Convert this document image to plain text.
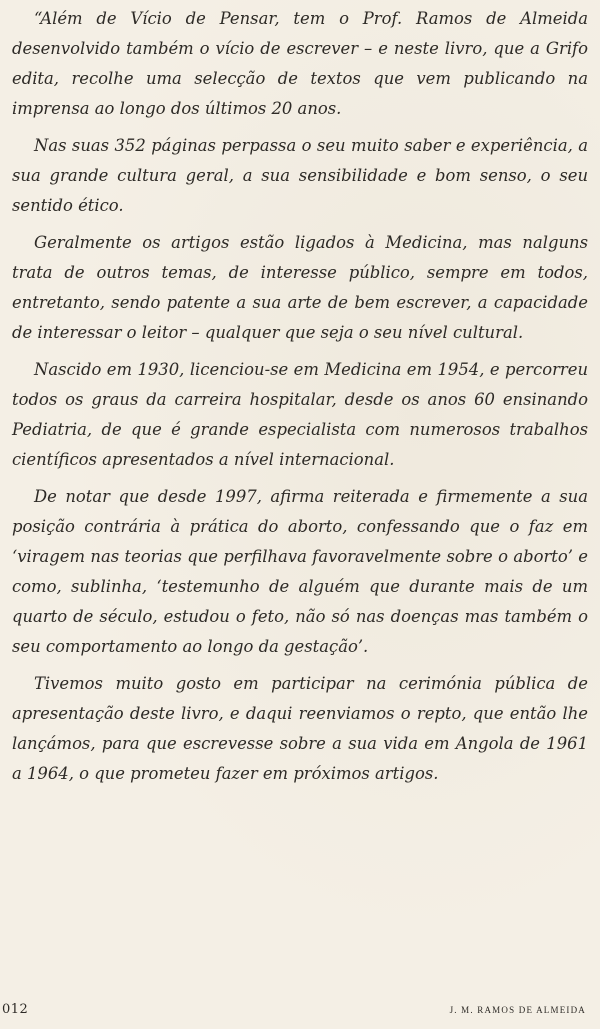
“Além de Vício de Pensar, tem o Prof. Ramos de Almeida desenvolvido também o vício de escrever – e neste livro, que a Grifo edita, recolhe uma selecção de textos que vem publicando na imprensa ao longo dos últimos 20 anos.

Nas suas 352 páginas perpassa o seu muito saber e experiência, a sua grande cultura geral, a sua sensibilidade e bom senso, o seu sentido ético.

Geralmente os artigos estão ligados à Medicina, mas nalguns trata de outros temas, de interesse público, sempre em todos, entretanto, sendo patente a sua arte de bem escrever, a capacidade de interessar o leitor – qualquer que seja o seu nível cultural.

Nascido em 1930, licenciou-se em Medicina em 1954, e percorreu todos os graus da carreira hospitalar, desde os anos 60 ensinando Pediatria, de que é grande especialista com numerosos trabalhos científicos apresentados a nível internacional.

De notar que desde 1997, afirma reiterada e firmemente a sua posição contrária à prática do aborto, confessando que o faz em ‘viragem nas teorias que perfilhava favoravelmente sobre o aborto’ e como, sublinha, ‘testemunho de alguém que durante mais de um quarto de século, estudou o feto, não só nas doenças mas também o seu comportamento ao longo da gestação’.

Tivemos muito gosto em participar na cerimónia pública de apresentação deste livro, e daqui reenviamos o repto, que então lhe lançámos, para que escrevesse sobre a sua vida em Angola de 1961 a 1964, o que prometeu fazer em próximos artigos.

012	J. M. RAMOS DE ALMEIDA
